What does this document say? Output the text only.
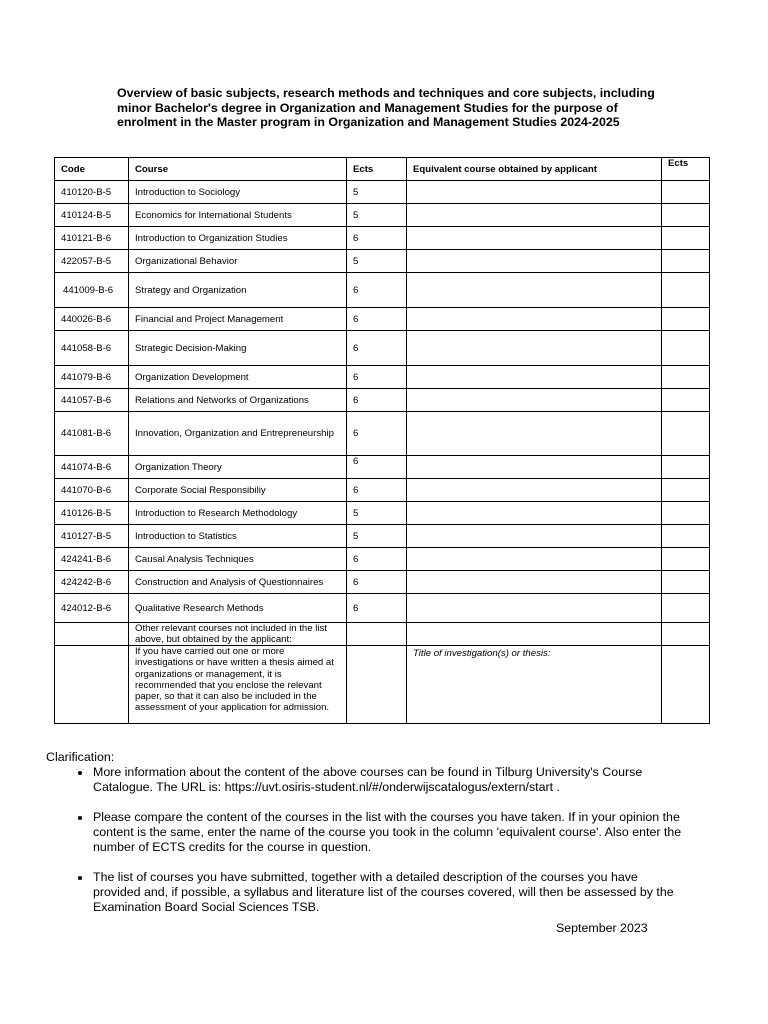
Overview of basic subjects, research methods and techniques and core subjects, including minor Bachelor's degree in Organization and Management Studies for the purpose of enrolment in the Master program in Organization and Management Studies 2024-2025
Code	Course	Ects	Equivalent course obtained by applicant	Ects
410120-B-5	Introduction to Sociology	5		
410124-B-5	Economics for International Students	5		
410121-B-6	Introduction to Organization Studies	6		
422057-B-5	Organizational Behavior	5		
441009-B-6	Strategy and Organization	6		
440026-B-6	Financial and Project Management	6		
441058-B-6	Strategic Decision-Making	6		
441079-B-6	Organization Development	6		
441057-B-6	Relations and Networks of Organizations	6		
441081-B-6	Innovation, Organization and Entrepreneurship	6		
441074-B-6	Organization Theory	6		
441070-B-6	Corporate Social Responsibiliy	6		
410126-B-5	Introduction to Research Methodology	5		
410127-B-5	Introduction to Statistics	5		
424241-B-6	Causal Analysis Techniques	6		
424242-B-6	Construction and Analysis of Questionnaires	6		
424012-B-6	Qualitative Research Methods	6		
	Other relevant courses not included in the list above, but obtained by the applicant:			
	If you have carried out one or more investigations or have written a thesis aimed at organizations or management, it is recommended that you enclose the relevant paper, so that it can also be included in the assessment of your application for admission.		Title of investigation(s) or thesis:	
Clarification:
• More information about the content of the above courses can be found in Tilburg University's Course Catalogue. The URL is: https://uvt.osiris-student.nl/#/onderwijscatalogus/extern/start .
• Please compare the content of the courses in the list with the courses you have taken. If in your opinion the content is the same, enter the name of the course you took in the column 'equivalent course'. Also enter the number of ECTS credits for the course in question.
• The list of courses you have submitted, together with a detailed description of the courses you have provided and, if possible, a syllabus and literature list of the courses covered, will then be assessed by the Examination Board Social Sciences TSB.
September 2023
